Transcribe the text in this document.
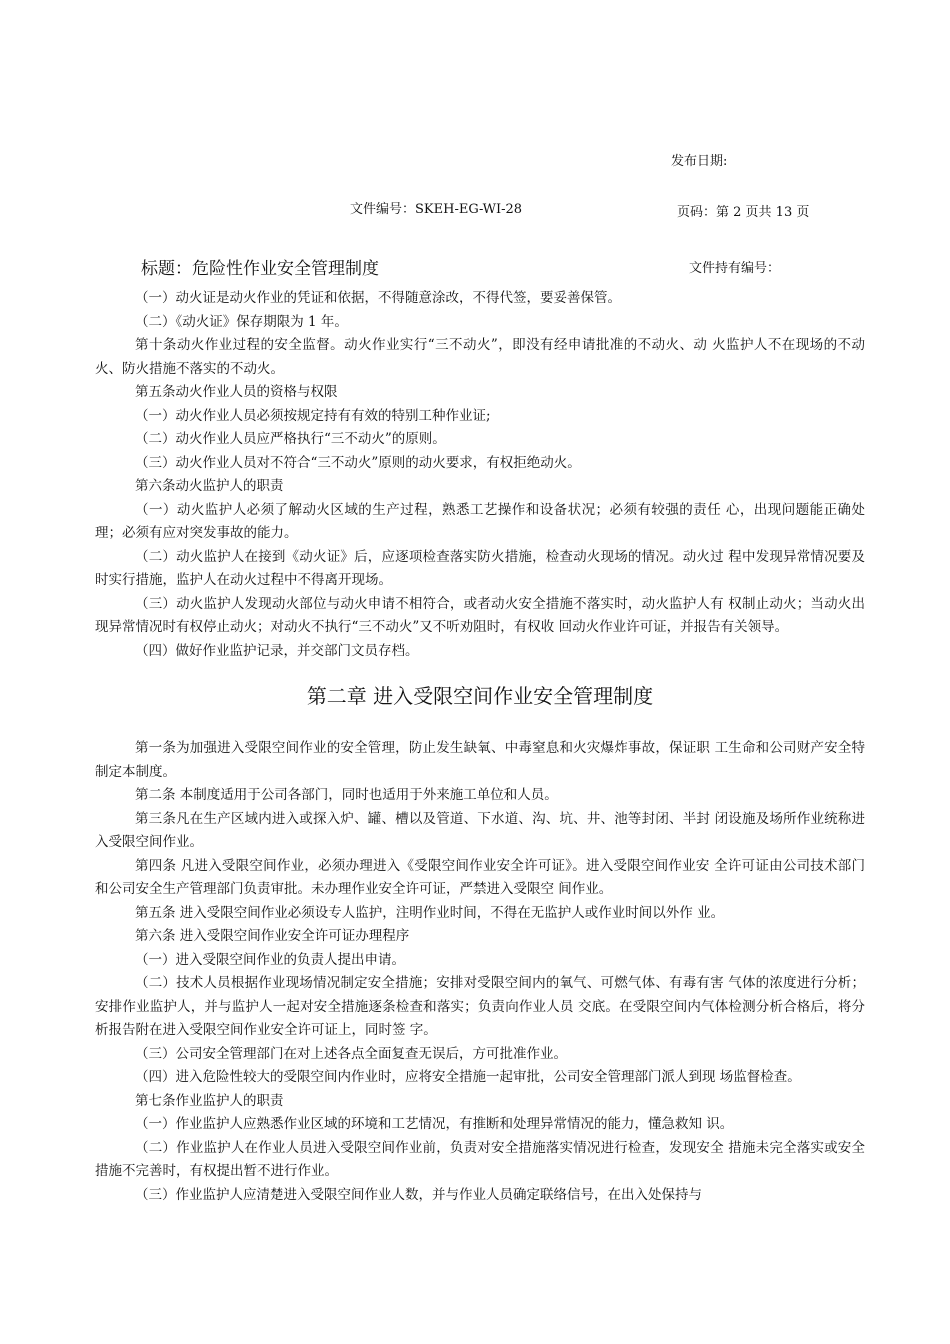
发布日期:
文件编号：SKEH-EG-WI-28	页码：第 2 页共 13 页
标题：危险性作业安全管理制度	文件持有编号：

（一）动火证是动火作业的凭证和依据，不得随意涂改，不得代签，要妥善保管。

（二）《动火证》保存期限为 1 年。

第十条动火作业过程的安全监督。动火作业实行“三不动火”，即没有经申请批准的不动火、动 火监护人不在现场的不动火、防火措施不落实的不动火。

第五条动火作业人员的资格与权限

（一）动火作业人员必须按规定持有有效的特别工种作业证;

（二）动火作业人员应严格执行“三不动火”的原则。

（三）动火作业人员对不符合“三不动火”原则的动火要求，有权拒绝动火。

第六条动火监护人的职责

（一）动火监护人必须了解动火区域的生产过程，熟悉工艺操作和设备状况；必须有较强的责任 心，出现问题能正确处理；必须有应对突发事故的能力。

（二）动火监护人在接到《动火证》后，应逐项检查落实防火措施，检查动火现场的情况。动火过 程中发现异常情况要及时实行措施，监护人在动火过程中不得离开现场。

（三）动火监护人发现动火部位与动火申请不相符合，或者动火安全措施不落实时，动火监护人有 权制止动火；当动火出现异常情况时有权停止动火；对动火不执行“三不动火”又不听劝阻时，有权收 回动火作业许可证，并报告有关领导。

（四）做好作业监护记录，并交部门文员存档。

第二章 进入受限空间作业安全管理制度

第一条为加强进入受限空间作业的安全管理，防止发生缺氧、中毒窒息和火灾爆炸事故，保证职 工生命和公司财产安全特制定本制度。

第二条 本制度适用于公司各部门，同时也适用于外来施工单位和人员。

第三条凡在生产区域内进入或探入炉、罐、槽以及管道、下水道、沟、坑、井、池等封闭、半封 闭设施及场所作业统称进入受限空间作业。

第四条 凡进入受限空间作业，必须办理进入《受限空间作业安全许可证》。进入受限空间作业安 全许可证由公司技术部门和公司安全生产管理部门负责审批。未办理作业安全许可证，严禁进入受限空 间作业。

第五条 进入受限空间作业必须设专人监护，注明作业时间，不得在无监护人或作业时间以外作 业。

第六条 进入受限空间作业安全许可证办理程序

（一）进入受限空间作业的负责人提出申请。

（二）技术人员根据作业现场情况制定安全措施；安排对受限空间内的氧气、可燃气体、有毒有害 气体的浓度进行分析；安排作业监护人，并与监护人一起对安全措施逐条检查和落实；负责向作业人员 交底。在受限空间内气体检测分析合格后，将分析报告附在进入受限空间作业安全许可证上，同时签 字。

（三）公司安全管理部门在对上述各点全面复查无误后，方可批准作业。

（四）进入危险性较大的受限空间内作业时，应将安全措施一起审批，公司安全管理部门派人到现 场监督检查。

第七条作业监护人的职责

（一）作业监护人应熟悉作业区域的环境和工艺情况，有推断和处理异常情况的能力，懂急救知 识。

（二）作业监护人在作业人员进入受限空间作业前，负责对安全措施落实情况进行检查，发现安全 措施未完全落实或安全措施不完善时，有权提出暂不进行作业。

（三）作业监护人应清楚进入受限空间作业人数，并与作业人员确定联络信号，在出入处保持与
